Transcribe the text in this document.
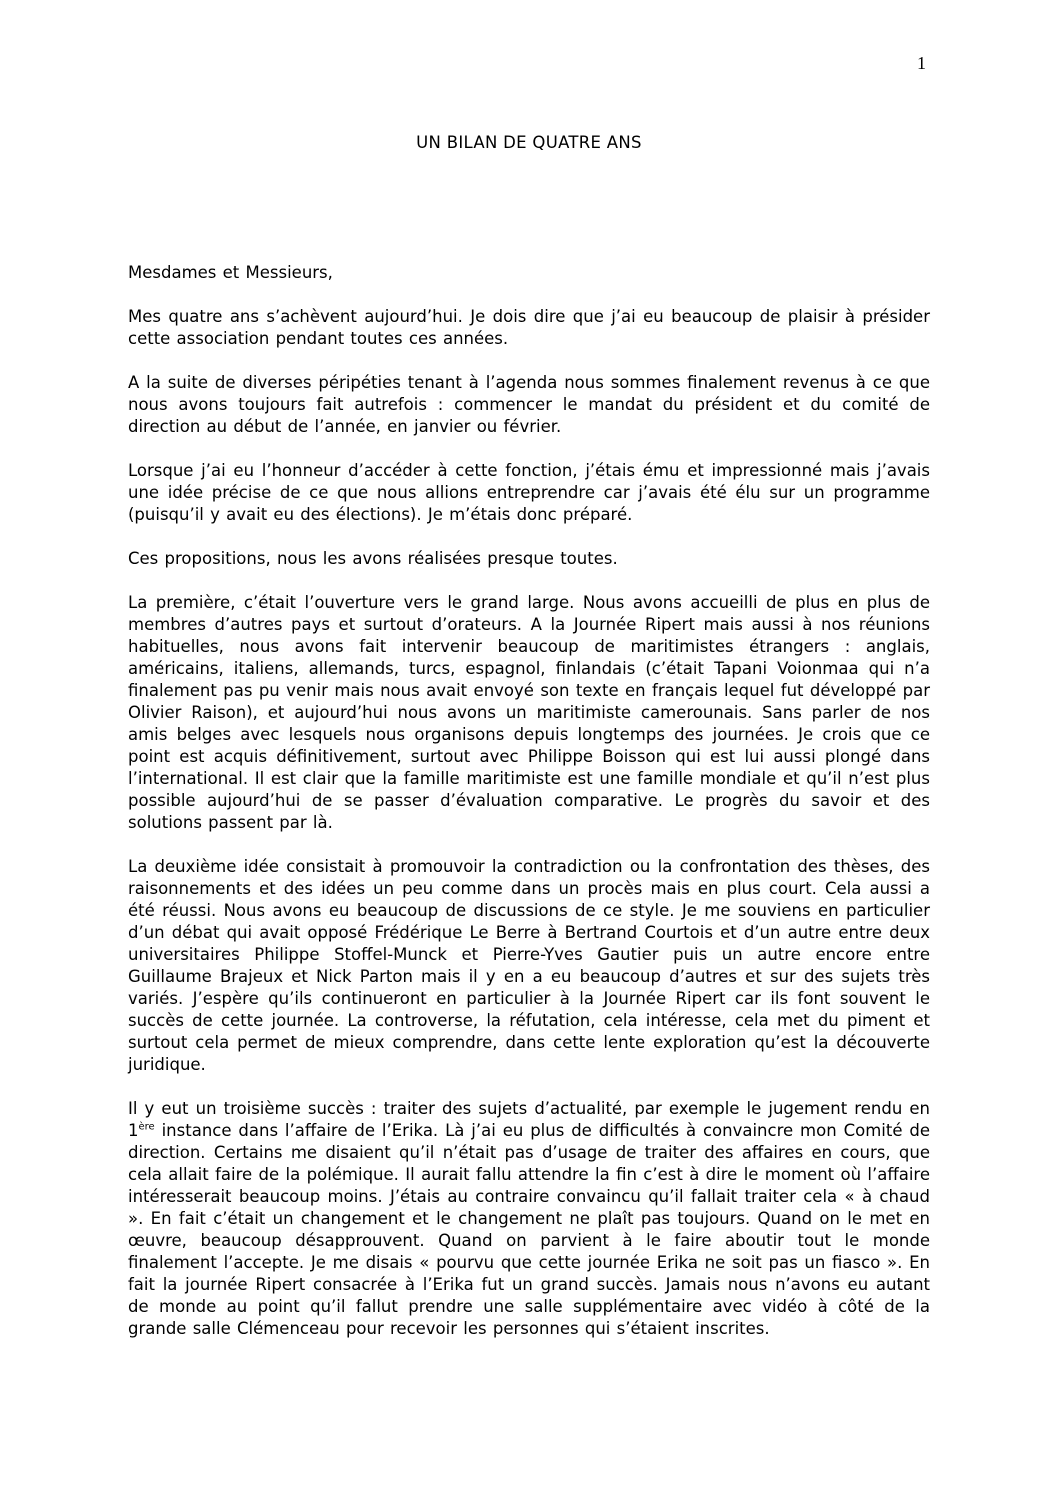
1
UN BILAN DE QUATRE ANS

Mesdames et Messieurs,

Mes quatre ans s’achèvent aujourd’hui. Je dois dire que j’ai eu beaucoup de plaisir à présider cette association pendant toutes ces années.

A la suite de diverses péripéties tenant à l’agenda nous sommes finalement revenus à ce que nous avons toujours fait autrefois : commencer le mandat du président et du comité de direction au début de l’année, en janvier ou février.

Lorsque j’ai eu l’honneur d’accéder à cette fonction, j’étais ému et impressionné mais j’avais une idée précise de ce que nous allions entreprendre car j’avais été élu sur un programme (puisqu’il y avait eu des élections). Je m’étais donc préparé.

Ces propositions, nous les avons réalisées presque toutes.

La première, c’était l’ouverture vers le grand large. Nous avons accueilli de plus en plus de membres d’autres pays et surtout d’orateurs. A la Journée Ripert mais aussi à nos réunions habituelles, nous avons fait intervenir beaucoup de maritimistes étrangers : anglais, américains, italiens, allemands, turcs, espagnol, finlandais (c’était Tapani Voionmaa qui n’a finalement pas pu venir mais nous avait envoyé son texte en français lequel fut développé par Olivier Raison), et aujourd’hui nous avons un maritimiste camerounais. Sans parler de nos amis belges avec lesquels nous organisons depuis longtemps des journées. Je crois que ce point est acquis définitivement, surtout avec Philippe Boisson qui est lui aussi plongé dans l’international. Il est clair que la famille maritimiste est une famille mondiale et qu’il n’est plus possible aujourd’hui de se passer d’évaluation comparative. Le progrès du savoir et des solutions passent par là.

La deuxième idée consistait à promouvoir la contradiction ou la confrontation des thèses, des raisonnements et des idées un peu comme dans un procès mais en plus court. Cela aussi a été réussi. Nous avons eu beaucoup de discussions de ce style. Je me souviens en particulier d’un débat qui avait opposé Frédérique Le Berre à Bertrand Courtois et d’un autre entre deux universitaires Philippe Stoffel-Munck et Pierre-Yves Gautier puis un autre encore entre Guillaume Brajeux et Nick Parton mais il y en a eu beaucoup d’autres et sur des sujets très variés. J’espère qu’ils continueront en particulier à la Journée Ripert car ils font souvent le succès de cette journée. La controverse, la réfutation, cela intéresse, cela met du piment et surtout cela permet de mieux comprendre, dans cette lente exploration qu’est la découverte juridique.

Il y eut un troisième succès : traiter des sujets d’actualité, par exemple le jugement rendu en 1ère instance dans l’affaire de l’Erika. Là j’ai eu plus de difficultés à convaincre mon Comité de direction. Certains me disaient qu’il n’était pas d’usage de traiter des affaires en cours, que cela allait faire de la polémique. Il aurait fallu attendre la fin c’est à dire le moment où l’affaire intéresserait beaucoup moins. J’étais au contraire convaincu qu’il fallait traiter cela « à chaud ». En fait c’était un changement et le changement ne plaît pas toujours. Quand on le met en œuvre, beaucoup désapprouvent. Quand on parvient à le faire aboutir tout le monde finalement l’accepte. Je me disais « pourvu que cette journée Erika ne soit pas un fiasco ». En fait la journée Ripert consacrée à l’Erika fut un grand succès. Jamais nous n’avons eu autant de monde au point qu’il fallut prendre une salle supplémentaire avec vidéo à côté de la grande salle Clémenceau pour recevoir les personnes qui s’étaient inscrites.
